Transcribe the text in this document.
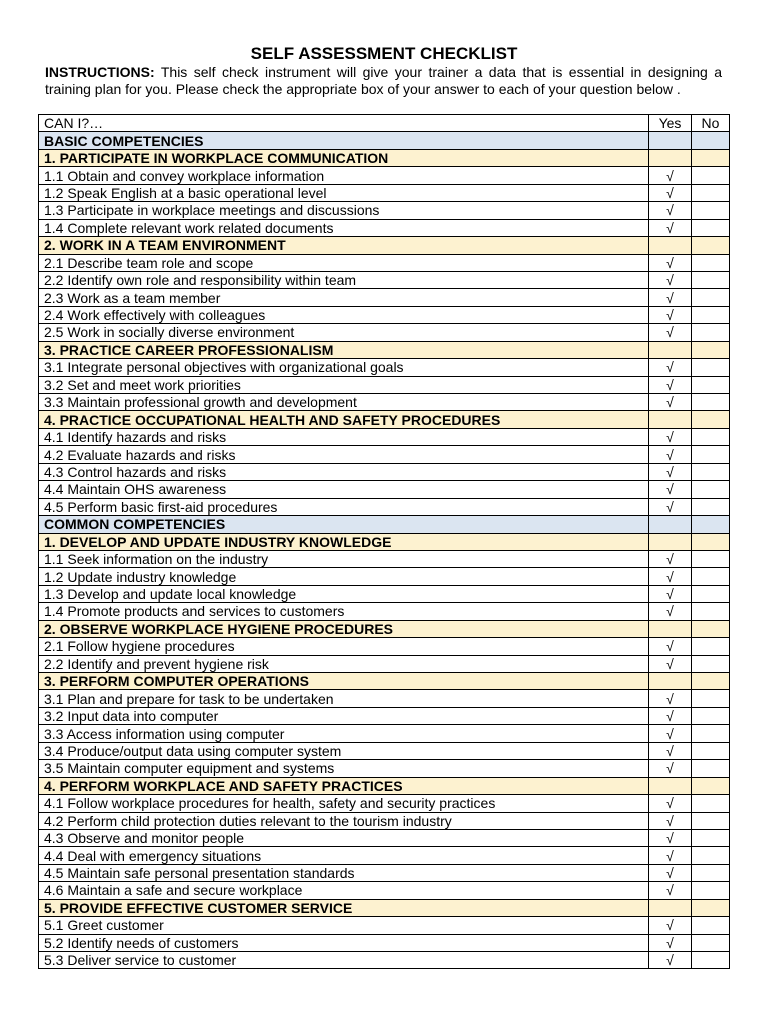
SELF ASSESSMENT CHECKLIST
INSTRUCTIONS: This self check instrument will give your trainer a data that is essential in designing a training plan for you. Please check the appropriate box of your answer to each of your question below .
CAN I?…	Yes	No
BASIC COMPETENCIES		
1. PARTICIPATE IN WORKPLACE COMMUNICATION		
1.1 Obtain and convey workplace information	√	
1.2 Speak English at a basic operational level	√	
1.3 Participate in workplace meetings and discussions	√	
1.4 Complete relevant work related documents	√	
2. WORK IN A TEAM ENVIRONMENT		
2.1 Describe team role and scope	√	
2.2 Identify own role and responsibility within team	√	
2.3 Work as a team member	√	
2.4 Work effectively with colleagues	√	
2.5 Work in socially diverse environment	√	
3. PRACTICE CAREER PROFESSIONALISM		
3.1 Integrate personal objectives with organizational goals	√	
3.2 Set and meet work priorities	√	
3.3 Maintain professional growth and development	√	
4. PRACTICE OCCUPATIONAL HEALTH AND SAFETY PROCEDURES		
4.1 Identify hazards and risks	√	
4.2 Evaluate hazards and risks	√	
4.3 Control hazards and risks	√	
4.4 Maintain OHS awareness	√	
4.5 Perform basic first-aid procedures	√	
COMMON COMPETENCIES		
1. DEVELOP AND UPDATE INDUSTRY KNOWLEDGE		
1.1 Seek information on the industry	√	
1.2 Update industry knowledge	√	
1.3 Develop and update local knowledge	√	
1.4 Promote products and services to customers	√	
2. OBSERVE WORKPLACE HYGIENE PROCEDURES		
2.1 Follow hygiene procedures	√	
2.2 Identify and prevent hygiene risk	√	
3. PERFORM COMPUTER OPERATIONS		
3.1 Plan and prepare for task to be undertaken	√	
3.2 Input data into computer	√	
3.3 Access information using computer	√	
3.4 Produce/output data using computer system	√	
3.5 Maintain computer equipment and systems	√	
4. PERFORM WORKPLACE AND SAFETY PRACTICES		
4.1 Follow workplace procedures for health, safety and security practices	√	
4.2 Perform child protection duties relevant to the tourism industry	√	
4.3 Observe and monitor people	√	
4.4 Deal with emergency situations	√	
4.5 Maintain safe personal presentation standards	√	
4.6 Maintain a safe and secure workplace	√	
5. PROVIDE EFFECTIVE CUSTOMER SERVICE		
5.1 Greet customer	√	
5.2 Identify needs of customers	√	
5.3 Deliver service to customer	√	
